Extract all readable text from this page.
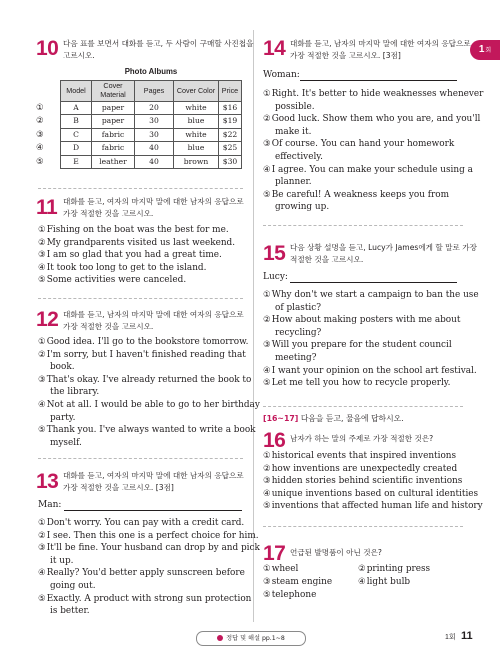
1회
10 다음 표를 보면서 대화를 듣고, 두 사람이 구매할 사진첩을
고르시오.
Photo Albums
Model	Cover Material	Pages	Cover Color	Price
A	paper	20	white	$16
B	paper	30	blue	$19
C	fabric	30	white	$22
D	fabric	40	blue	$25
E	leather	40	brown	$30
①
②
③
④
⑤
11 대화를 듣고, 여자의 마지막 말에 대한 남자의 응답으로
가장 적절한 것을 고르시오.
①Fishing on the boat was the best for me.
②My grandparents visited us last weekend.
③I am so glad that you had a great time.
④It took too long to get to the island.
⑤Some activities were canceled.
12 대화를 듣고, 남자의 마지막 말에 대한 여자의 응답으로
가장 적절한 것을 고르시오.
①Good idea. I'll go to the bookstore tomorrow.
②I'm sorry, but I haven't finished reading that
book.
③That's okay. I've already returned the book to
the library.
④Not at all. I would be able to go to her birthday
party.
⑤Thank you. I've always wanted to write a book
myself.
13 대화를 듣고, 여자의 마지막 말에 대한 남자의 응답으로
가장 적절한 것을 고르시오. [3점]
Man:
①Don't worry. You can pay with a credit card.
②I see. Then this one is a perfect choice for him.
③It'll be fine. Your husband can drop by and pick
it up.
④Really? You'd better apply sunscreen before
going out.
⑤Exactly. A product with strong sun protection
is better.
14 대화를 듣고, 남자의 마지막 말에 대한 여자의 응답으로
가장 적절한 것을 고르시오. [3점]
Woman:
①Right. It's better to hide weaknesses whenever
possible.
②Good luck. Show them who you are, and you'll
make it.
③Of course. You can hand your homework
effectively.
④I agree. You can make your schedule using a
planner.
⑤Be careful! A weakness keeps you from
growing up.
15 다음 상황 설명을 듣고, Lucy가 James에게 할 말로 가장
적절한 것을 고르시오.
Lucy:
①Why don't we start a campaign to ban the use
of plastic?
②How about making posters with me about
recycling?
③Will you prepare for the student council
meeting?
④I want your opinion on the school art festival.
⑤Let me tell you how to recycle properly.
[16~17] 다음을 듣고, 물음에 답하시오.
16 남자가 하는 말의 주제로 가장 적절한 것은?
①historical events that inspired inventions
②how inventions are unexpectedly created
③hidden stories behind scientific inventions
④unique inventions based on cultural identities
⑤inventions that affected human life and history
17 언급된 발명품이 아닌 것은?
①wheel	②printing press
③steam engine	④light bulb
⑤telephone
정답 및 해설 pp.1~8	1회 11
